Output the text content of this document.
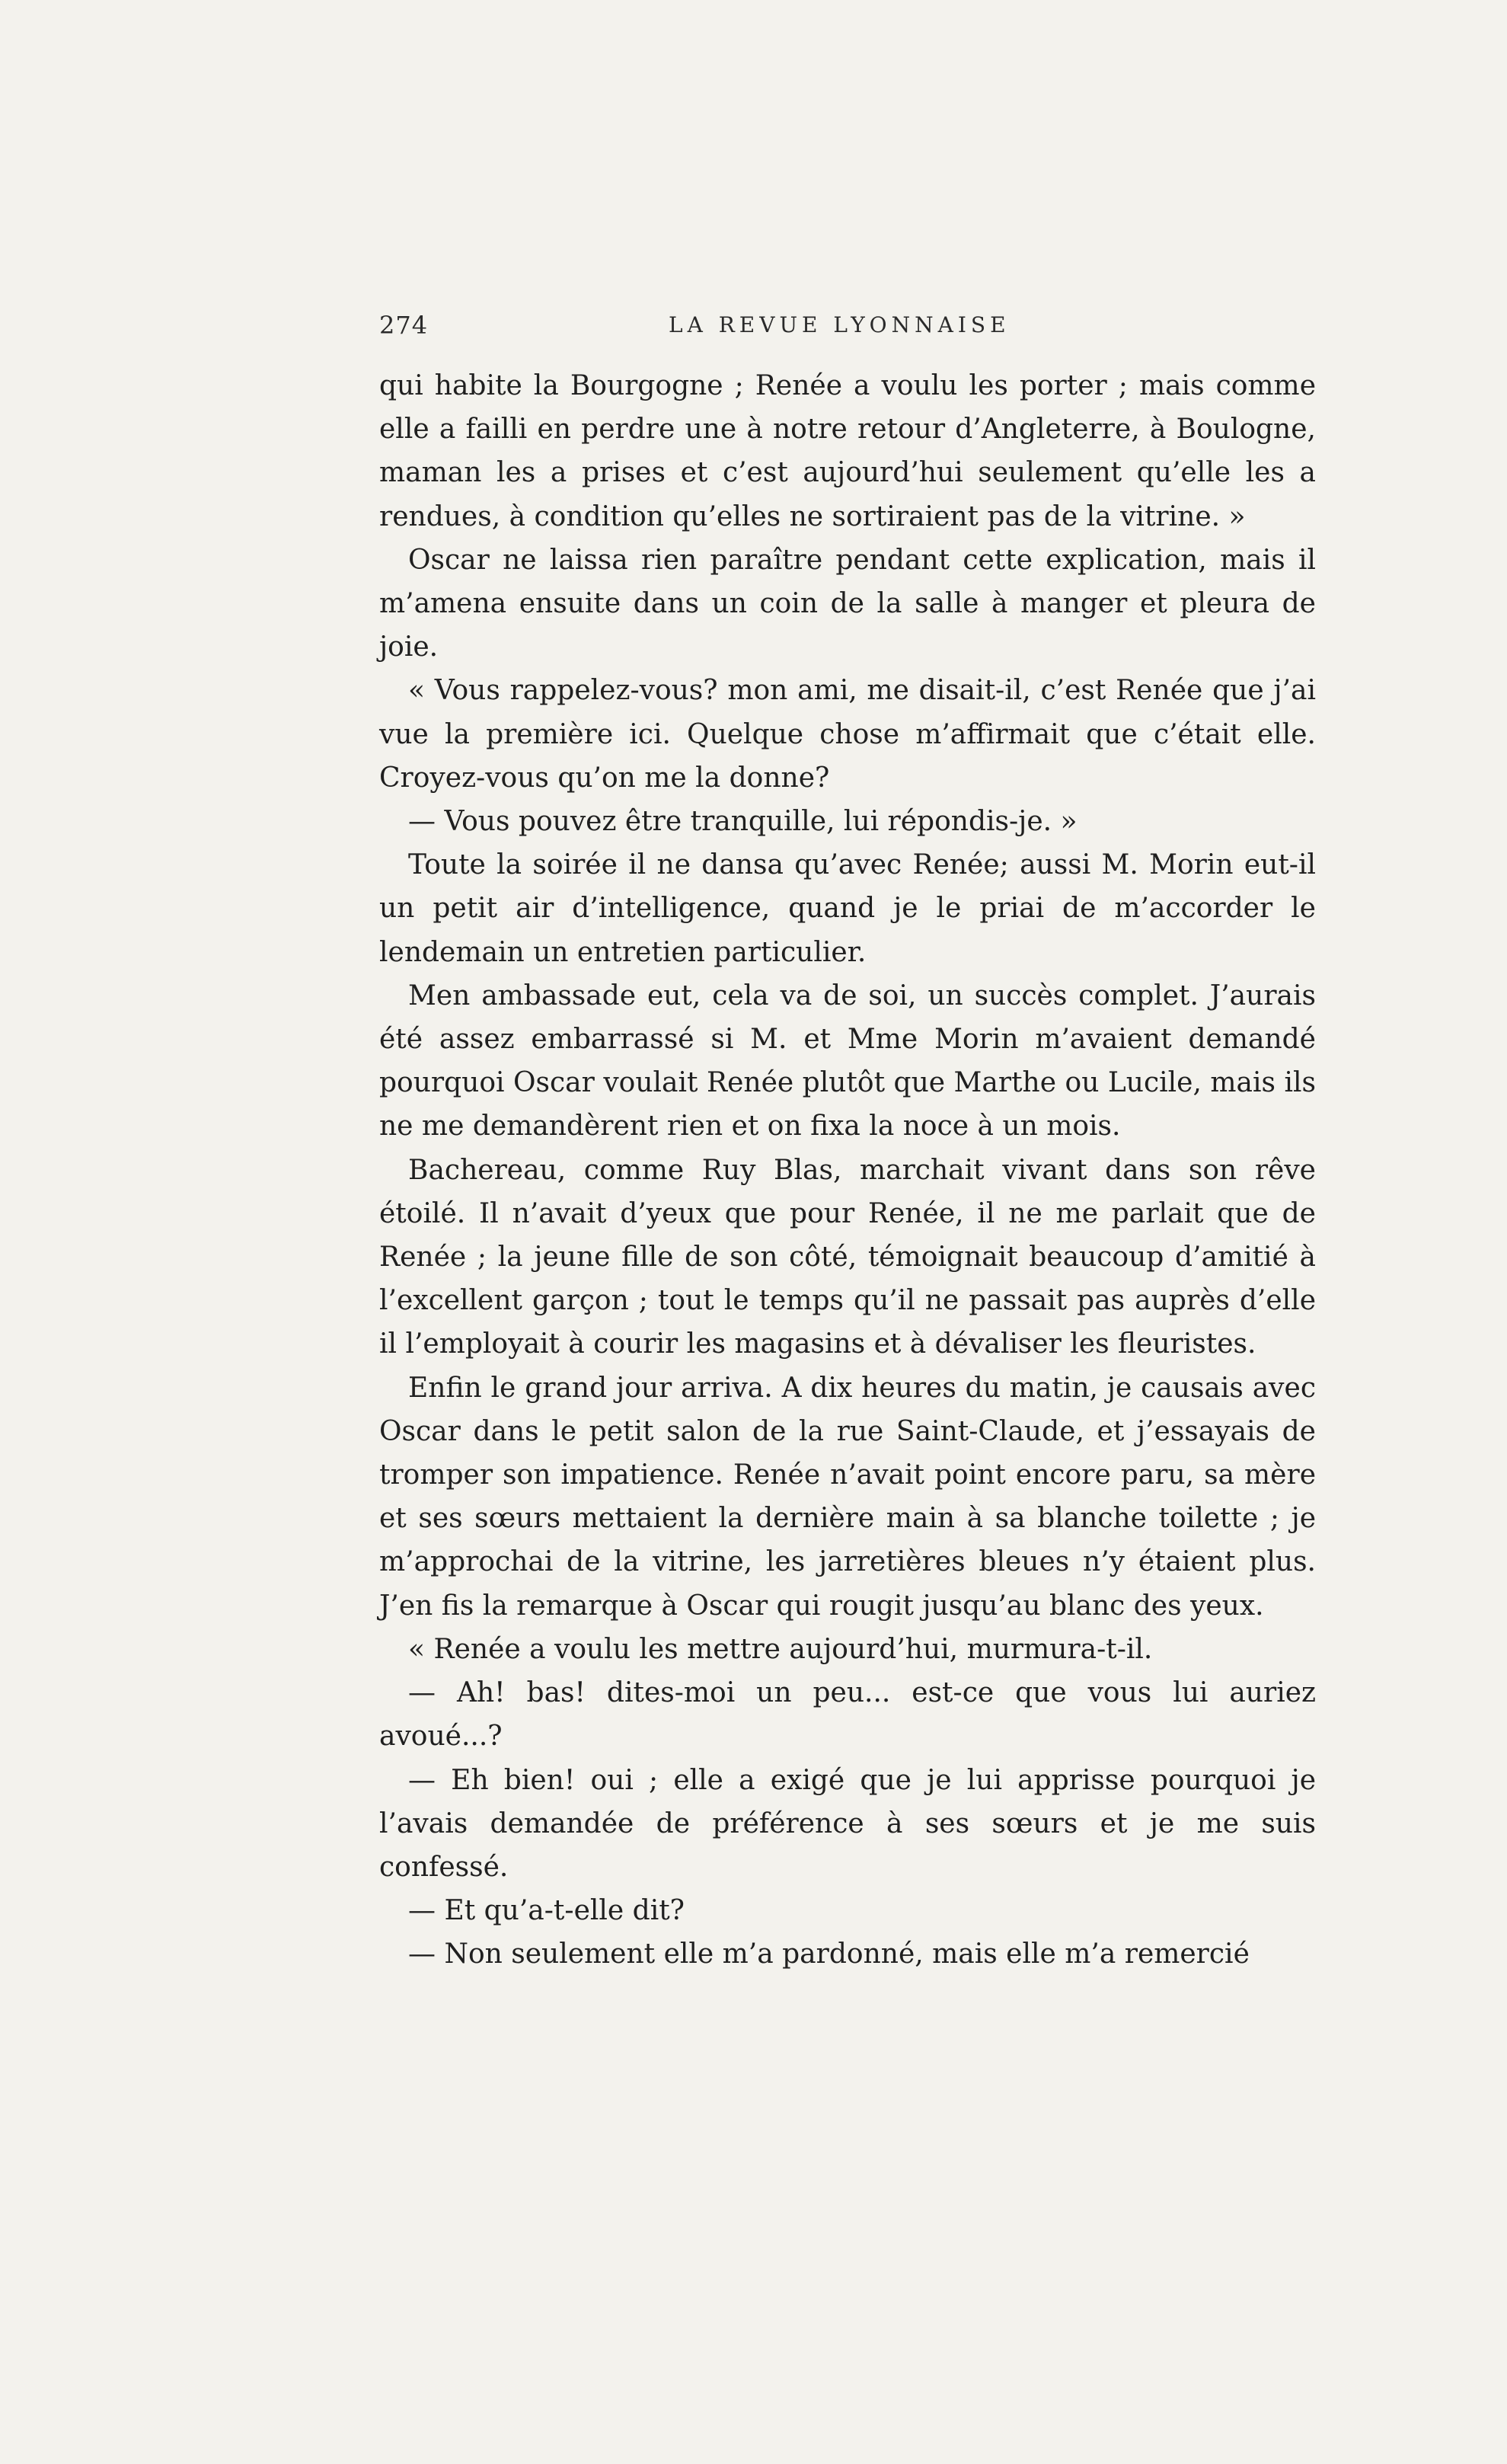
274	LA REVUE LYONNAISE

qui habite la Bourgogne ; Renée a voulu les porter ; mais comme elle a failli en perdre une à notre retour d’Angleterre, à Boulogne, maman les a prises et c’est aujourd’hui seulement qu’elle les a rendues, à condition qu’elles ne sortiraient pas de la vitrine. »

Oscar ne laissa rien paraître pendant cette explication, mais il m’amena ensuite dans un coin de la salle à manger et pleura de joie.

« Vous rappelez-vous? mon ami, me disait-il, c’est Renée que j’ai vue la première ici. Quelque chose m’affirmait que c’était elle. Croyez-vous qu’on me la donne?

— Vous pouvez être tranquille, lui répondis-je. »

Toute la soirée il ne dansa qu’avec Renée; aussi M. Morin eut-il un petit air d’intelligence, quand je le priai de m’accorder le lendemain un entretien particulier.

Men ambassade eut, cela va de soi, un succès complet. J’aurais été assez embarrassé si M. et Mme Morin m’avaient demandé pourquoi Oscar voulait Renée plutôt que Marthe ou Lucile, mais ils ne me demandèrent rien et on fixa la noce à un mois.

Bachereau, comme Ruy Blas, marchait vivant dans son rêve étoilé. Il n’avait d’yeux que pour Renée, il ne me parlait que de Renée ; la jeune fille de son côté, témoignait beaucoup d’amitié à l’excellent garçon ; tout le temps qu’il ne passait pas auprès d’elle il l’employait à courir les magasins et à dévaliser les fleuristes.

Enfin le grand jour arriva. A dix heures du matin, je causais avec Oscar dans le petit salon de la rue Saint-Claude, et j’essayais de tromper son impatience. Renée n’avait point encore paru, sa mère et ses sœurs mettaient la dernière main à sa blanche toilette ; je m’approchai de la vitrine, les jarretières bleues n’y étaient plus. J’en fis la remarque à Oscar qui rougit jusqu’au blanc des yeux.

« Renée a voulu les mettre aujourd’hui, murmura-t-il.

— Ah! bas! dites-moi un peu... est-ce que vous lui auriez avoué...?

— Eh bien! oui ; elle a exigé que je lui apprisse pourquoi je l’avais demandée de préférence à ses sœurs et je me suis confessé.

— Et qu’a-t-elle dit?

— Non seulement elle m’a pardonné, mais elle m’a remercié
